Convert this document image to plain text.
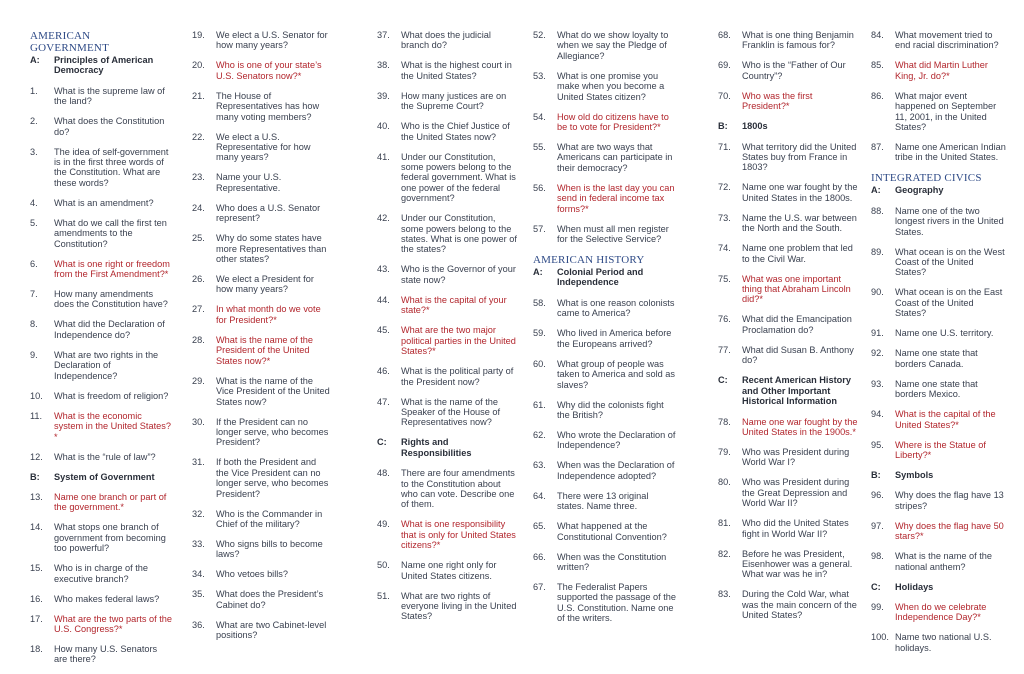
AMERICAN GOVERNMENT
A:	Principles of American Democracy
1.	What is the supreme law of the land?
2.	What does the Constitution do?
3.	The idea of self-government is in the first three words of the Constitution. What are these words?
4.	What is an amendment?
5.	What do we call the first ten amendments to the Constitution?
6.	What is one right or freedom from the First Amendment?*
7.	How many amendments does the Constitution have?
8.	What did the Declaration of Independence do?
9.	What are two rights in the Declaration of Independence?
10.	What is freedom of religion?
11.	What is the economic system in the United States?*
12.	What is the “rule of law”?
B:	System of Government
13.	Name one branch or part of the government.*
14.	What stops one branch of government from becoming too powerful?
15.	Who is in charge of the executive branch?
16.	Who makes federal laws?
17.	What are the two parts of the U.S. Congress?*
18.	How many U.S. Senators are there?
19.	We elect a U.S. Senator for how many years?
20.	Who is one of your state’s U.S. Senators now?*
21.	The House of Representatives has how many voting members?
22.	We elect a U.S. Representative for how many years?
23.	Name your U.S. Representative.
24.	Who does a U.S. Senator represent?
25.	Why do some states have more Representatives than other states?
26.	We elect a President for how many years?
27.	In what month do we vote for President?*
28.	What is the name of the President of the United States now?*
29.	What is the name of the Vice President of the United States now?
30.	If the President can no longer serve, who becomes President?
31.	If both the President and the Vice President can no longer serve, who becomes President?
32.	Who is the Commander in Chief of the military?
33.	Who signs bills to become laws?
34.	Who vetoes bills?
35.	What does the President’s Cabinet do?
36.	What are two Cabinet-level positions?
37.	What does the judicial branch do?
38.	What is the highest court in the United States?
39.	How many justices are on the Supreme Court?
40.	Who is the Chief Justice of the United States now?
41.	Under our Constitution, some powers belong to the federal government. What is one power of the federal government?
42.	Under our Constitution, some powers belong to the states. What is one power of the states?
43.	Who is the Governor of your state now?
44.	What is the capital of your state?*
45.	What are the two major political parties in the United States?*
46.	What is the political party of the President now?
47.	What is the name of the Speaker of the House of Representatives now?
C:	Rights and Responsibilities
48.	There are four amendments to the Constitution about who can vote. Describe one of them.
49.	What is one responsibility that is only for United States citizens?*
50.	Name one right only for United States citizens.
51.	What are two rights of everyone living in the United States?
52.	What do we show loyalty to when we say the Pledge of Allegiance?
53.	What is one promise you make when you become a United States citizen?
54.	How old do citizens have to be to vote for President?*
55.	What are two ways that Americans can participate in their democracy?
56.	When is the last day you can send in federal income tax forms?*
57.	When must all men register for the Selective Service?
AMERICAN HISTORY
A:	Colonial Period and Independence
58.	What is one reason colonists came to America?
59.	Who lived in America before the Europeans arrived?
60.	What group of people was taken to America and sold as slaves?
61.	Why did the colonists fight the British?
62.	Who wrote the Declaration of Independence?
63.	When was the Declaration of Independence adopted?
64.	There were 13 original states. Name three.
65.	What happened at the Constitutional Convention?
66.	When was the Constitution written?
67.	The Federalist Papers supported the passage of the U.S. Constitution. Name one of the writers.
68.	What is one thing Benjamin Franklin is famous for?
69.	Who is the “Father of Our Country”?
70.	Who was the first President?*
B:	1800s
71.	What territory did the United States buy from France in 1803?
72.	Name one war fought by the United States in the 1800s.
73.	Name the U.S. war between the North and the South.
74.	Name one problem that led to the Civil War.
75.	What was one important thing that Abraham Lincoln did?*
76.	What did the Emancipation Proclamation do?
77.	What did Susan B. Anthony do?
C:	Recent American History and Other Important Historical Information
78.	Name one war fought by the United States in the 1900s.*
79.	Who was President during World War I?
80.	Who was President during the Great Depression and World War II?
81.	Who did the United States fight in World War II?
82.	Before he was President, Eisenhower was a general. What war was he in?
83.	During the Cold War, what was the main concern of the United States?
84.	What movement tried to end racial discrimination?
85.	What did Martin Luther King, Jr. do?*
86.	What major event happened on September 11, 2001, in the United States?
87.	Name one American Indian tribe in the United States.
INTEGRATED CIVICS
A:	Geography
88.	Name one of the two longest rivers in the United States.
89.	What ocean is on the West Coast of the United States?
90.	What ocean is on the East Coast of the United States?
91.	Name one U.S. territory.
92.	Name one state that borders Canada.
93.	Name one state that borders Mexico.
94.	What is the capital of the United States?*
95.	Where is the Statue of Liberty?*
B:	Symbols
96.	Why does the flag have 13 stripes?
97.	Why does the flag have 50 stars?*
98.	What is the name of the national anthem?
C:	Holidays
99.	When do we celebrate Independence Day?*
100. Name two national U.S. holidays.
